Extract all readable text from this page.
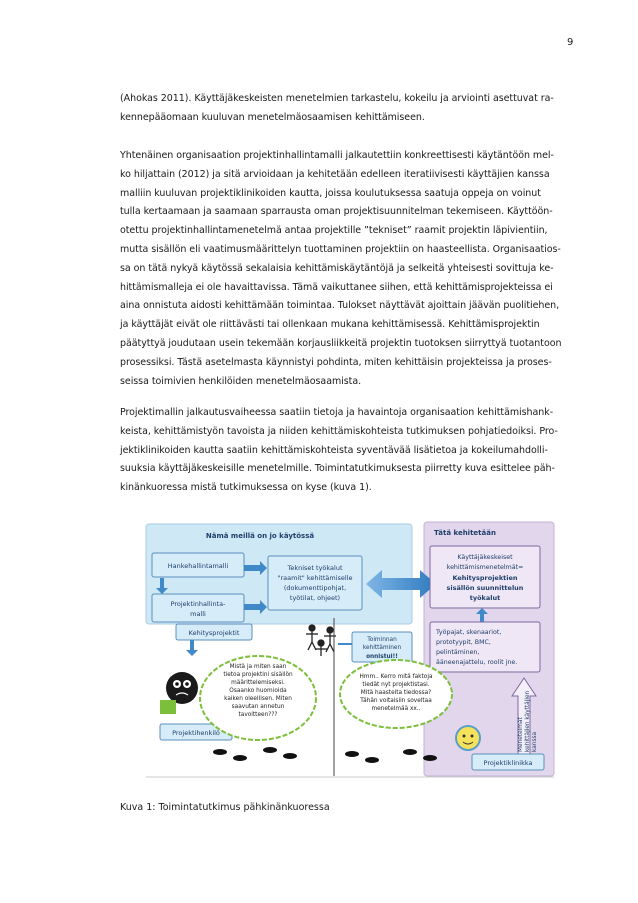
9
(Ahokas 2011). Käyttäjäkeskeisten menetelmien tarkastelu, kokeilu ja arviointi asettuvat ra-
kennepääomaan kuuluvan menetelmäosaamisen kehittämiseen.
Yhtenäinen organisaation projektinhallintamalli jalkautettiin konkreettisesti käytäntöön mel-
ko hiljattain (2012) ja sitä arvioidaan ja kehitetään edelleen iteratiivisesti käyttäjien kanssa
malliin kuuluvan projektiklinikoiden kautta, joissa koulutuksessa saatuja oppeja on voinut
tulla kertaamaan ja saamaan sparrausta oman projektisuunnitelman tekemiseen. Käyttöön-
otettu projektinhallintamenetelmä antaa projektille ”tekniset” raamit projektin läpivientiin,
mutta sisällön eli vaatimusmäärittelyn tuottaminen projektiin on haasteellista. Organisaatios-
sa on tätä nykyä käytössä sekalaisia kehittämiskäytäntöjä ja selkeitä yhteisesti sovittuja ke-
hittämismalleja ei ole havaittavissa. Tämä vaikuttanee siihen, että kehittämisprojekteissa ei
aina onnistuta aidosti kehittämään toimintaa. Tulokset näyttävät ajoittain jäävän puolitiehen,
ja käyttäjät eivät ole riittävästi tai ollenkaan mukana kehittämisessä. Kehittämisprojektin
päätyttyä joudutaan usein tekemään korjausliikkeitä projektin tuotoksen siirryttyä tuotantoon
prosessiksi. Tästä asetelmasta käynnistyi pohdinta, miten kehittäisin projekteissa ja proses-
seissa toimivien henkilöiden menetelmäosaamista.
Projektimallin jalkautusvaiheessa saatiin tietoja ja havaintoja organisaation kehittämishank-
keista, kehittämistyön tavoista ja niiden kehittämiskohteista tutkimuksen pohjatiedoiksi. Pro-
jektiklinikoiden kautta saatiin kehittämiskohteista syventävää lisätietoa ja kokeilumahdolli-
suuksia käyttäjäkeskeisille menetelmille. Toimintatutkimuksesta piirretty kuva esittelee päh-
kinänkuoressa mistä tutkimuksessa on kyse (kuva 1).
Nämä meillä on jo käytössä	Tätä kehitetään
Hankehallintamalli
Projektinhallinta-
malli
Tekniset työkalut
"raamit" kehittämiselle
(dokumenttipohjat,
työtilat, ohjeet)
Käyttäjäkeskeiset
kehittämismenetelmät=
Kehitysprojektien
sisällön suunnittelun
työkalut
Työpajat, skenaariot,
prototyypit, BMC,
pelintäminen,
ääneenajattelu, roolit jne.
Menetelmät kehittäjien käyttäjien kanssa
Projektiklinikka
Toiminnan
kehittäminen
onnistui!!
Kehitysprojektit
Projektihenkilö
Mistä ja miten saan
tietoa projektini sisällön
määrittelemiseksi.
Osaanko huomioida
kaiken oleellisen. Miten
saavutan annetun
tavoitteen???
Hmm.. Kerro mitä faktoja
tiedät nyt projektistasi.
Mitä haasteita tiedossa?
Tähän voitaisiin soveltaa
menetelmää xx..
Kuva 1: Toimintatutkimus pähkinänkuoressa
